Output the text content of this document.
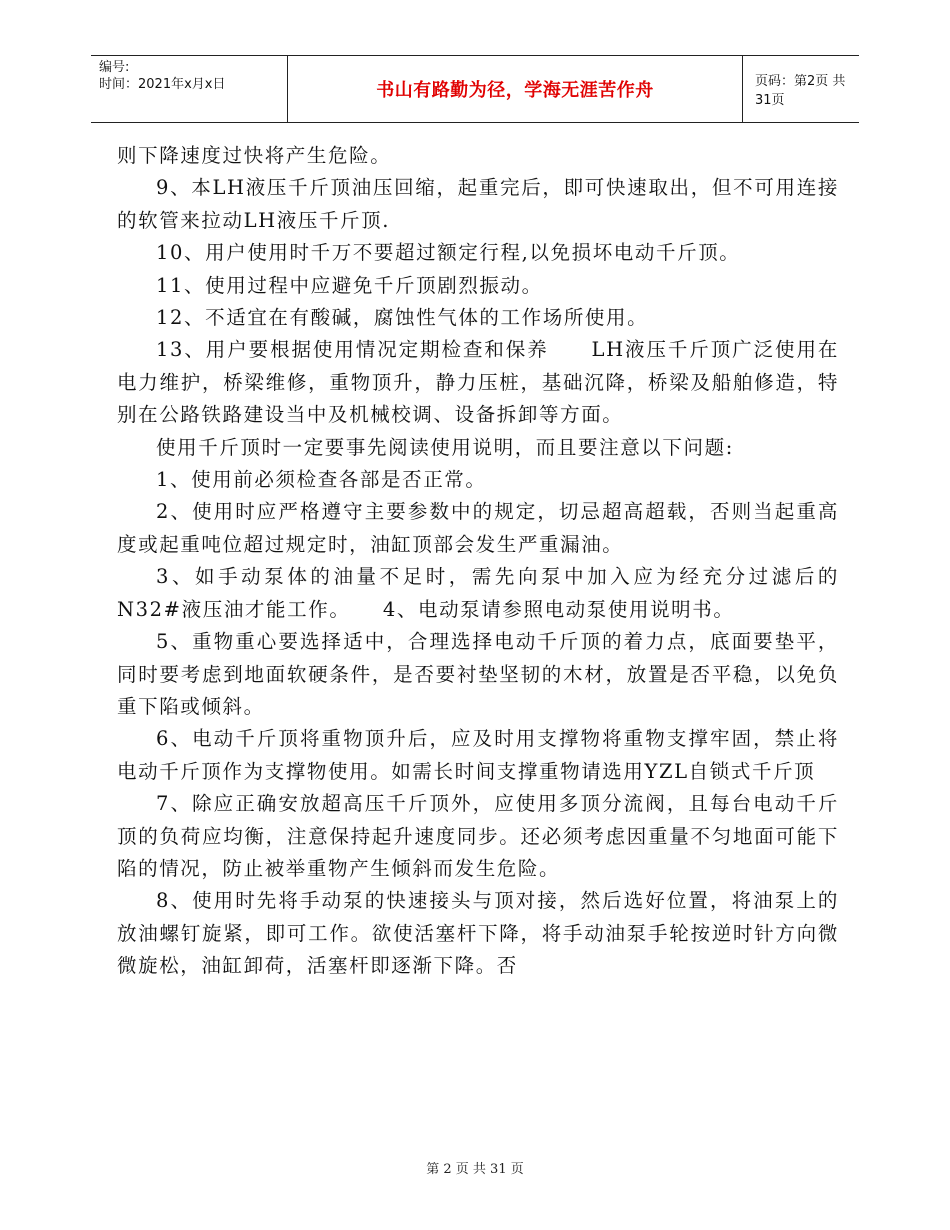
编号:
时间：2021年x月x日	书山有路勤为径，学海无涯苦作舟	页码：第2页 共31页

则下降速度过快将产生危险。

9、本LH液压千斤顶油压回缩，起重完后，即可快速取出，但不可用连接的软管来拉动LH液压千斤顶.

10、用户使用时千万不要超过额定行程,以免损坏电动千斤顶。

11、使用过程中应避免千斤顶剧烈振动。

12、不适宜在有酸碱，腐蚀性气体的工作场所使用。

13、用户要根据使用情况定期检查和保养　　LH液压千斤顶广泛使用在电力维护，桥梁维修，重物顶升，静力压桩，基础沉降，桥梁及船舶修造，特别在公路铁路建设当中及机械校调、设备拆卸等方面。

使用千斤顶时一定要事先阅读使用说明，而且要注意以下问题:

1、使用前必须检查各部是否正常。

2、使用时应严格遵守主要参数中的规定，切忌超高超载，否则当起重高度或起重吨位超过规定时，油缸顶部会发生严重漏油。

3、如手动泵体的油量不足时，需先向泵中加入应为经充分过滤后的N32#液压油才能工作。　　4、电动泵请参照电动泵使用说明书。

5、重物重心要选择适中，合理选择电动千斤顶的着力点，底面要垫平，同时要考虑到地面软硬条件，是否要衬垫坚韧的木材，放置是否平稳，以免负重下陷或倾斜。

6、电动千斤顶将重物顶升后，应及时用支撑物将重物支撑牢固，禁止将电动千斤顶作为支撑物使用。如需长时间支撑重物请选用YZL自锁式千斤顶

7、除应正确安放超高压千斤顶外，应使用多顶分流阀，且每台电动千斤顶的负荷应均衡，注意保持起升速度同步。还必须考虑因重量不匀地面可能下陷的情况，防止被举重物产生倾斜而发生危险。

8、使用时先将手动泵的快速接头与顶对接，然后选好位置，将油泵上的放油螺钉旋紧，即可工作。欲使活塞杆下降，将手动油泵手轮按逆时针方向微微旋松，油缸卸荷，活塞杆即逐渐下降。否

第 2 页 共 31 页
